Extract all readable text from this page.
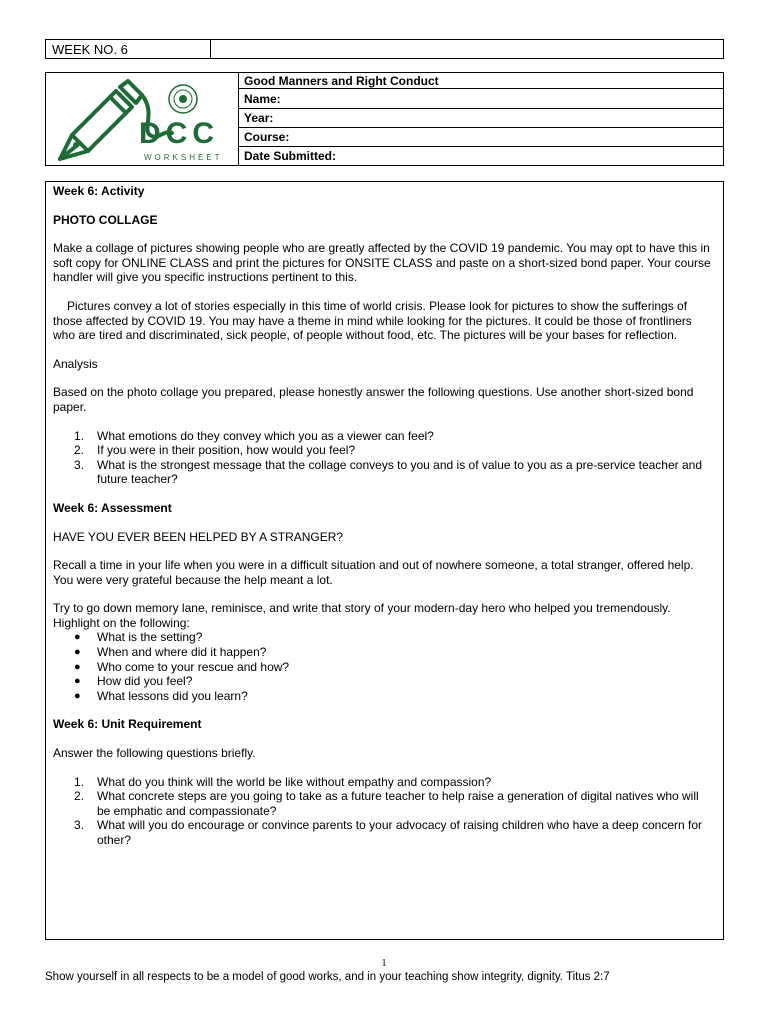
WEEK NO. 6
DCC
WORKSHEET
Good Manners and Right Conduct
Name:
Year:
Course:
Date Submitted:

Week 6: Activity

PHOTO COLLAGE

Make a collage of pictures showing people who are greatly affected by the COVID 19 pandemic. You may opt to have this in soft copy for ONLINE CLASS and print the pictures for ONSITE CLASS and paste on a short-sized bond paper. Your course handler will give you specific instructions pertinent to this.

Pictures convey a lot of stories especially in this time of world crisis. Please look for pictures to show the sufferings of those affected by COVID 19. You may have a theme in mind while looking for the pictures. It could be those of frontliners who are tired and discriminated, sick people, of people without food, etc. The pictures will be your bases for reflection.

Analysis

Based on the photo collage you prepared, please honestly answer the following questions. Use another short-sized bond paper.

1. What emotions do they convey which you as a viewer can feel?
2. If you were in their position, how would you feel?
3. What is the strongest message that the collage conveys to you and is of value to you as a pre-service teacher and future teacher?

Week 6: Assessment

HAVE YOU EVER BEEN HELPED BY A STRANGER?

Recall a time in your life when you were in a difficult situation and out of nowhere someone, a total stranger, offered help. You were very grateful because the help meant a lot.

Try to go down memory lane, reminisce, and write that story of your modern-day hero who helped you tremendously. Highlight on the following:

● What is the setting?
● When and where did it happen?
● Who come to your rescue and how?
● How did you feel?
● What lessons did you learn?

Week 6: Unit Requirement

Answer the following questions briefly.

1. What do you think will the world be like without empathy and compassion?
2. What concrete steps are you going to take as a future teacher to help raise a generation of digital natives who will be emphatic and compassionate?
3. What will you do encourage or convince parents to your advocacy of raising children who have a deep concern for other?
1
Show yourself in all respects to be a model of good works, and in your teaching show integrity, dignity. Titus 2:7
